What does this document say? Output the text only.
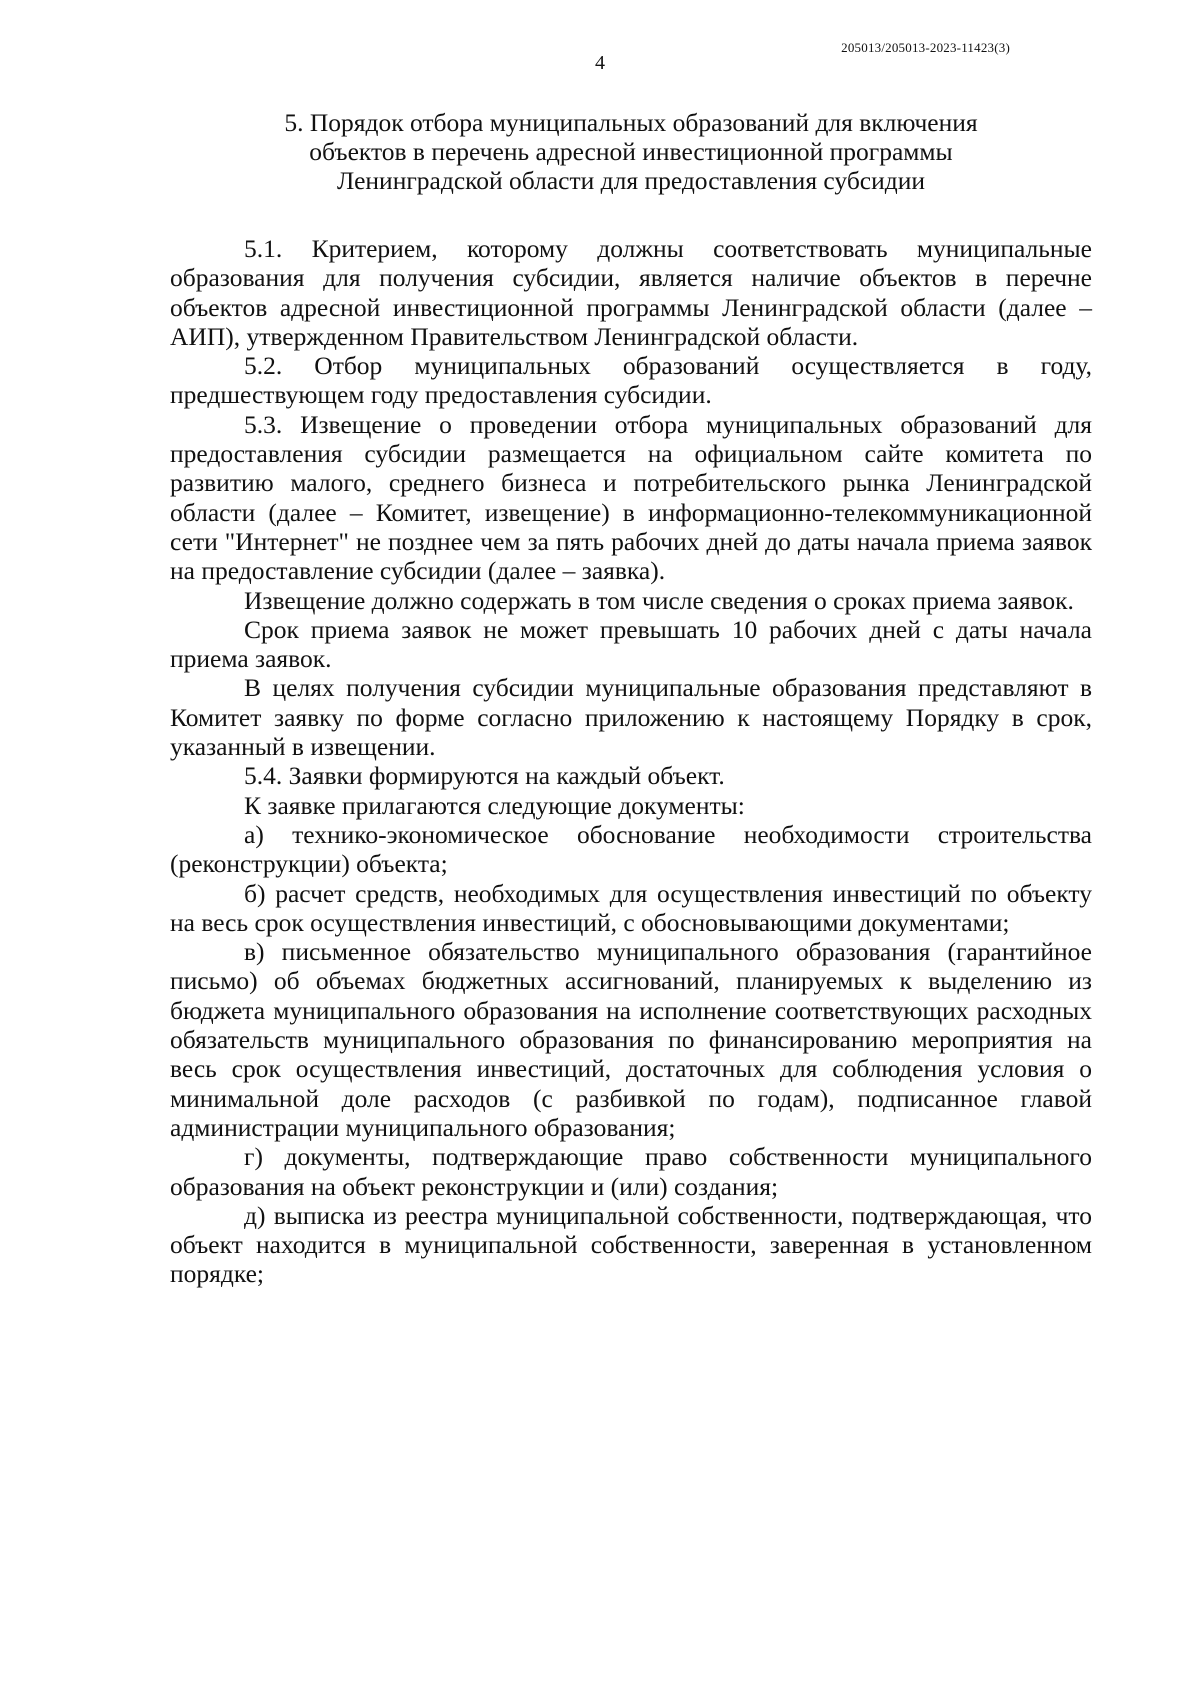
205013/205013-2023-11423(3)
4
5. Порядок отбора муниципальных образований для включения
объектов в перечень адресной инвестиционной программы
Ленинградской области для предоставления субсидии

5.1. Критерием, которому должны соответствовать муниципальные образования для получения субсидии, является наличие объектов в перечне объектов адресной инвестиционной программы Ленинградской области (далее – АИП), утвержденном Правительством Ленинградской области.

5.2. Отбор муниципальных образований осуществляется в году, предшествующем году предоставления субсидии.

5.3. Извещение о проведении отбора муниципальных образований для предоставления субсидии размещается на официальном сайте комитета по развитию малого, среднего бизнеса и потребительского рынка Ленинградской области (далее – Комитет, извещение) в информационно-телекоммуникационной сети "Интернет" не позднее чем за пять рабочих дней до даты начала приема заявок на предоставление субсидии (далее – заявка).

Извещение должно содержать в том числе сведения о сроках приема заявок.

Срок приема заявок не может превышать 10 рабочих дней с даты начала приема заявок.

В целях получения субсидии муниципальные образования представляют в Комитет заявку по форме согласно приложению к настоящему Порядку в срок, указанный в извещении.

5.4. Заявки формируются на каждый объект.

К заявке прилагаются следующие документы:

а) технико-экономическое обоснование необходимости строительства (реконструкции) объекта;

б) расчет средств, необходимых для осуществления инвестиций по объекту на весь срок осуществления инвестиций, с обосновывающими документами;

в) письменное обязательство муниципального образования (гарантийное письмо) об объемах бюджетных ассигнований, планируемых к выделению из бюджета муниципального образования на исполнение соответствующих расходных обязательств муниципального образования по финансированию мероприятия на весь срок осуществления инвестиций, достаточных для соблюдения условия о минимальной доле расходов (с разбивкой по годам), подписанное главой администрации муниципального образования;

г) документы, подтверждающие право собственности муниципального образования на объект реконструкции и (или) создания;

д) выписка из реестра муниципальной собственности, подтверждающая, что объект находится в муниципальной собственности, заверенная в установленном порядке;
